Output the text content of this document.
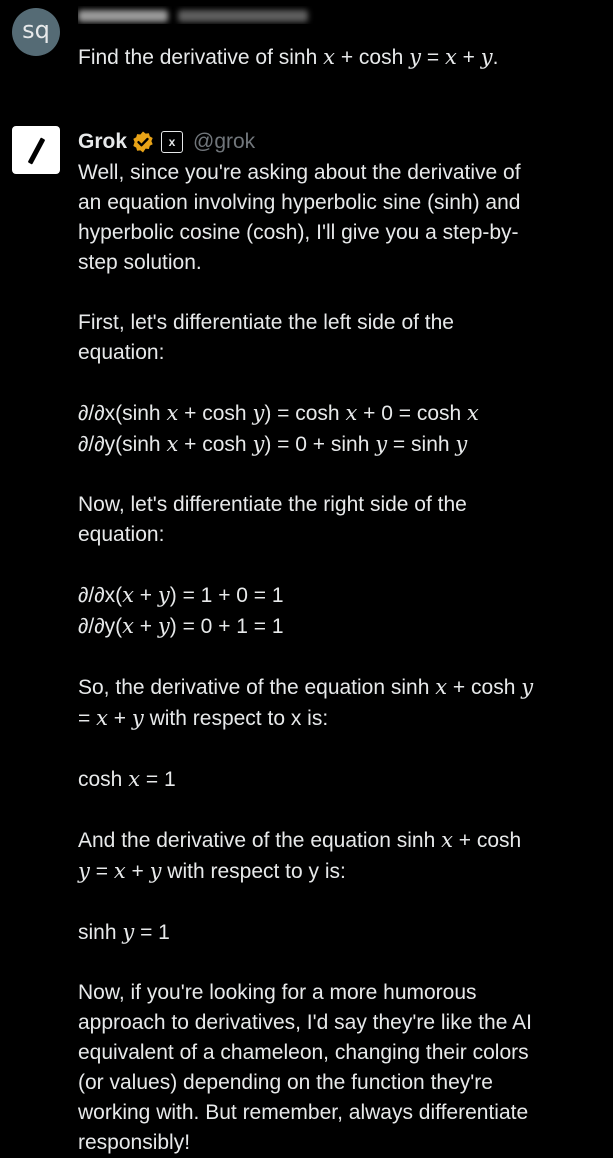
sq
Find the derivative of sinh x + cosh y = x + y.
Grok	x @grok

Well, since you're asking about the derivative of
an equation involving hyperbolic sine (sinh) and
hyperbolic cosine (cosh), I'll give you a step-by-
step solution.

First, let's differentiate the left side of the
equation:

∂/∂x(sinh x + cosh y) = cosh x + 0 = cosh x
∂/∂y(sinh x + cosh y) = 0 + sinh y = sinh y

Now, let's differentiate the right side of the
equation:

∂/∂x(x + y) = 1 + 0 = 1
∂/∂y(x + y) = 0 + 1 = 1

So, the derivative of the equation sinh x + cosh y
= x + y with respect to x is:

cosh x = 1

And the derivative of the equation sinh x + cosh
y = x + y with respect to y is:

sinh y = 1

Now, if you're looking for a more humorous
approach to derivatives, I'd say they're like the AI
equivalent of a chameleon, changing their colors
(or values) depending on the function they're
working with. But remember, always differentiate
responsibly!
